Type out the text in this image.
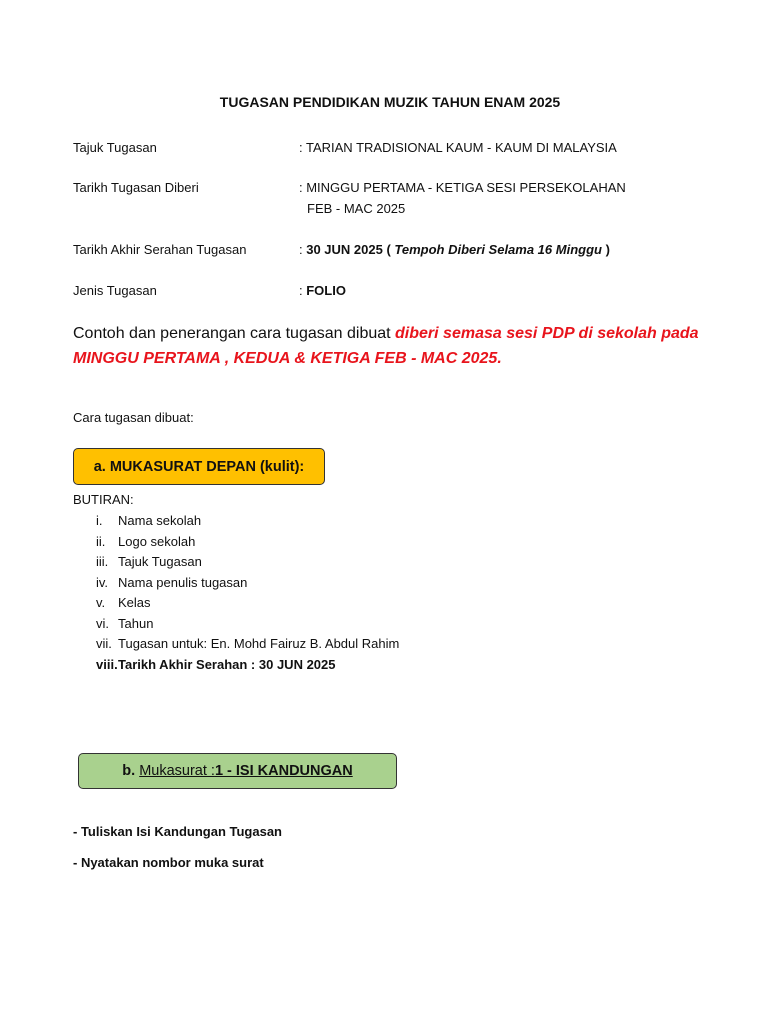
TUGASAN PENDIDIKAN MUZIK TAHUN ENAM 2025
Tajuk Tugasan	: TARIAN TRADISIONAL KAUM - KAUM DI MALAYSIA
Tarikh Tugasan Diberi	: MINGGU PERTAMA - KETIGA SESI PERSEKOLAHAN
FEB - MAC 2025
Tarikh Akhir Serahan Tugasan	: 30 JUN 2025 ( Tempoh Diberi Selama 16 Minggu )
Jenis Tugasan	: FOLIO
Contoh dan penerangan cara tugasan dibuat diberi semasa sesi PDP di sekolah pada
MINGGU PERTAMA , KEDUA & KETIGA FEB - MAC 2025.
Cara tugasan dibuat:
a. MUKASURAT DEPAN (kulit):
BUTIRAN:
i. Nama sekolah
ii. Logo sekolah
iii. Tajuk Tugasan
iv. Nama penulis tugasan
v. Kelas
vi. Tahun
vii. Tugasan untuk: En. Mohd Fairuz B. Abdul Rahim
viii. Tarikh Akhir Serahan : 30 JUN 2025
b.
Mukasurat : 1 - ISI KANDUNGAN
- Tuliskan Isi Kandungan Tugasan
- Nyatakan nombor muka surat
